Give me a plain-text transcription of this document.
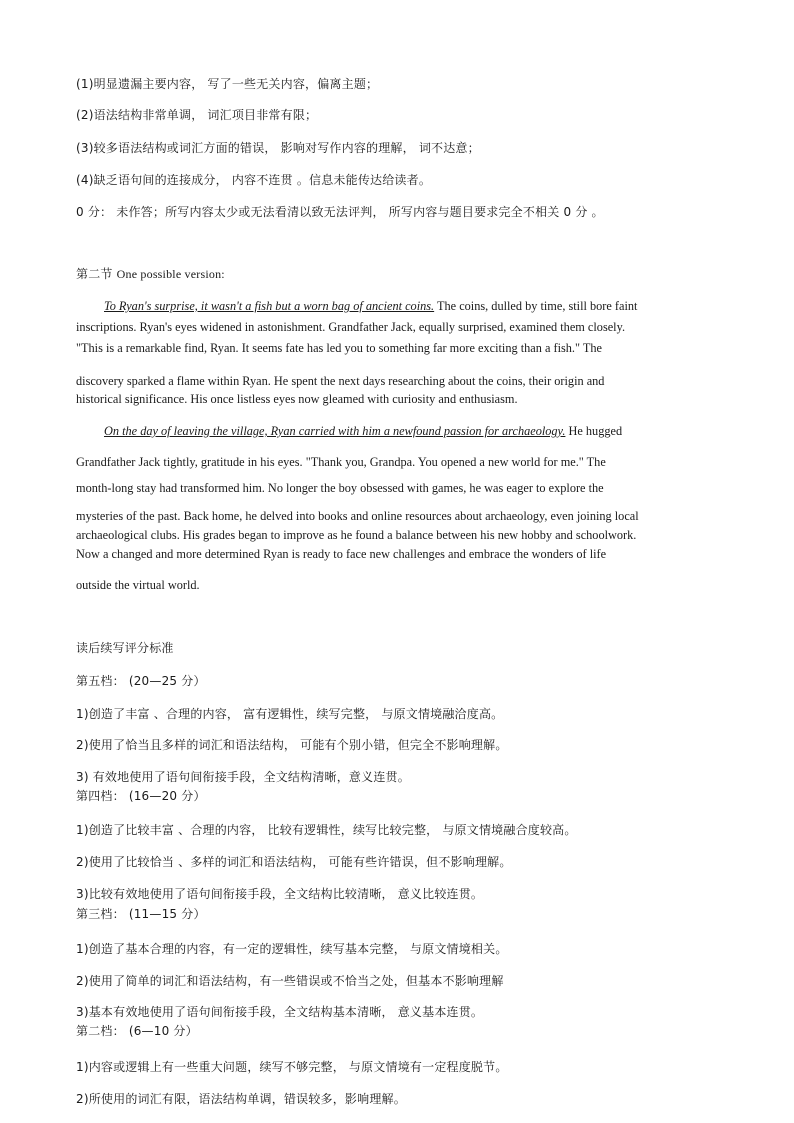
(1)明显遗漏主要内容， 写了一些无关内容，偏离主题；
(2)语法结构非常单调， 词汇项目非常有限；
(3)较多语法结构或词汇方面的错误， 影响对写作内容的理解， 词不达意；
(4)缺乏语句间的连接成分， 内容不连贯 。信息未能传达给读者。
0 分： 未作答；所写内容太少或无法看清以致无法评判， 所写内容与题目要求完全不相关 0 分 。
第二节 One possible version:
To Ryan's surprise, it wasn't a fish but a worn bag of ancient coins. The coins, dulled by time, still bore faint
inscriptions. Ryan's eyes widened in astonishment. Grandfather Jack, equally surprised, examined them closely.
"This is a remarkable find, Ryan. It seems fate has led you to something far more exciting than a fish." The
discovery sparked a flame within Ryan. He spent the next days researching about the coins, their origin and
historical significance. His once listless eyes now gleamed with curiosity and enthusiasm.
On the day of leaving the village, Ryan carried with him a newfound passion for archaeology. He hugged
Grandfather Jack tightly, gratitude in his eyes. "Thank you, Grandpa. You opened a new world for me." The
month-long stay had transformed him. No longer the boy obsessed with games, he was eager to explore the
mysteries of the past. Back home, he delved into books and online resources about archaeology, even joining local
archaeological clubs. His grades began to improve as he found a balance between his new hobby and schoolwork.
Now a changed and more determined Ryan is ready to face new challenges and embrace the wonders of life
outside the virtual world.
读后续写评分标准
第五档： (20—25 分）
1)创造了丰富 、合理的内容， 富有逻辑性，续写完整， 与原文情境融洽度高。
2)使用了恰当且多样的词汇和语法结构， 可能有个别小错，但完全不影响理解。
3) 有效地使用了语句间衔接手段，全文结构清晰，意义连贯。
第四档： (16—20 分）
1)创造了比较丰富 、合理的内容， 比较有逻辑性，续写比较完整， 与原文情境融合度较高。
2)使用了比较恰当 、多样的词汇和语法结构， 可能有些许错误，但不影响理解。
3)比较有效地使用了语句间衔接手段，全文结构比较清晰， 意义比较连贯。
第三档： (11—15 分）
1)创造了基本合理的内容，有一定的逻辑性，续写基本完整， 与原文情境相关。
2)使用了简单的词汇和语法结构，有一些错误或不恰当之处，但基本不影响理解
3)基本有效地使用了语句间衔接手段，全文结构基本清晰， 意义基本连贯。
第二档： (6—10 分）
1)内容或逻辑上有一些重大问题，续写不够完整， 与原文情境有一定程度脱节。
2)所使用的词汇有限，语法结构单调，错误较多，影响理解。
